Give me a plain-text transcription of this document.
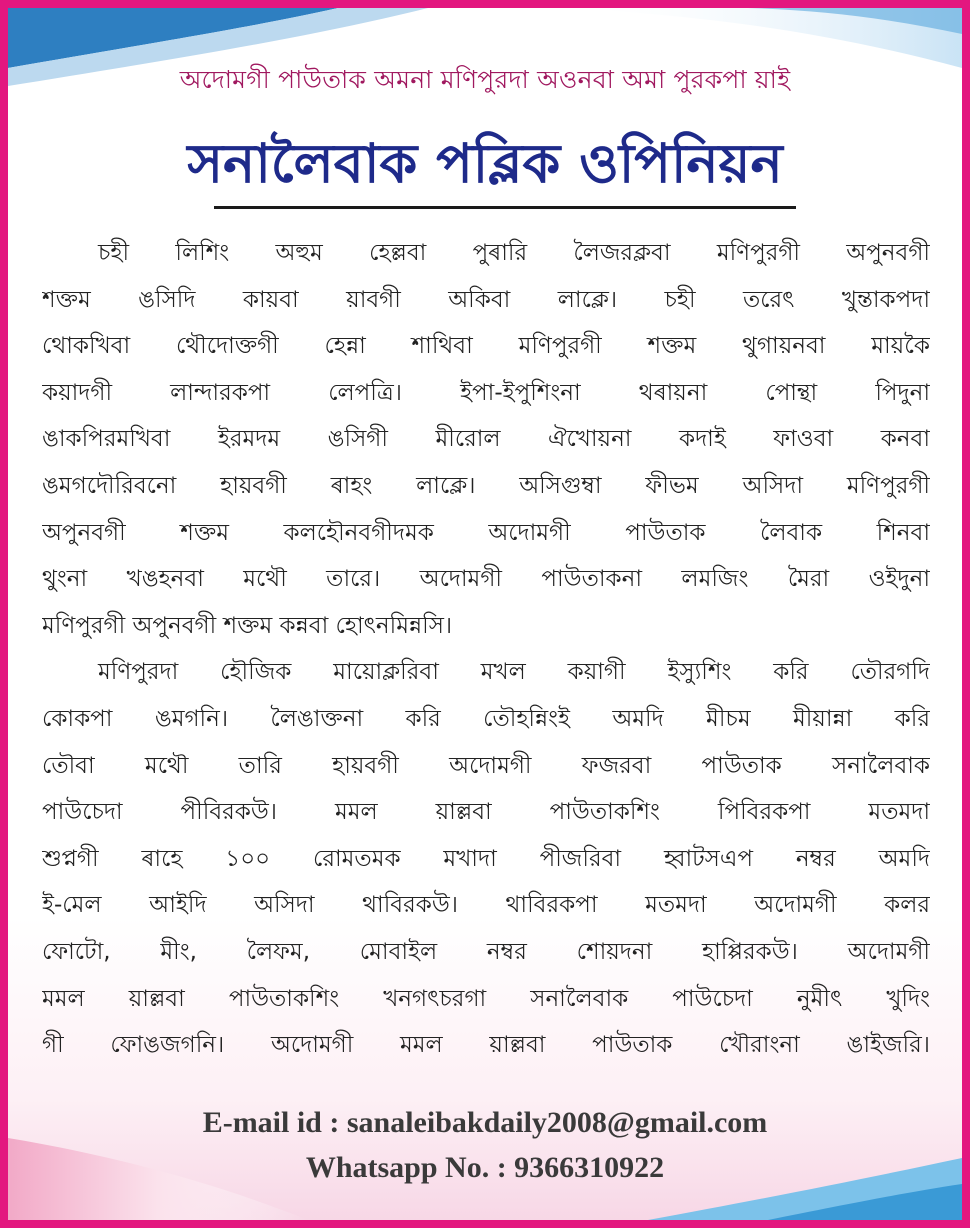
অদোমগী পাউতাক অমনা মণিপুরদা অওনবা অমা পুরকপা য়াই
সনালৈবাক পব্লিক ওপিনিয়ন

চহী লিশিং অহুম হেল্লবা পুৰারি লৈজরক্লবা মণিপুরগী অপুনবগী
শক্তম ঙসিদি কায়বা য়াবগী অকিবা লাক্লে। চহী তরেৎ খুন্তাকপদা
থোকখিবা থৌদোক্তগী হেন্না শাথিবা মণিপুরগী শক্তম থুগায়নবা মায়কৈ
কয়াদগী লান্দারকপা লেপত্রি। ইপা-ইপুশিংনা থৰায়না পোন্থা পিদুনা
ঙাকপিরমখিবা ইরমদম ঙসিগী মীরোল ঐখোয়না কদাই ফাওবা কনবা
ঙমগদৌরিবনো হায়বগী ৰাহং লাক্লে। অসিগুম্বা ফীভম অসিদা মণিপুরগী
অপুনবগী শক্তম কলহৌনবগীদমক অদোমগী পাউতাক লৈবাক শিনবা
থুংনা খঙহনবা মথৌ তারে। অদোমগী পাউতাকনা লমজিং মৈরা ওইদুনা
মণিপুরগী অপুনবগী শক্তম কন্নবা হোৎনমিন্নসি।

মণিপুরদা হৌজিক মায়োক্লরিবা মখল কয়াগী ইস্যুশিং করি তৌরগদি
কোকপা ঙমগনি। লৈঙাক্তনা করি তৌহন্নিংই অমদি মীচম মীয়ান্না করি
তৌবা মথৌ তারি হায়বগী অদোমগী ফজরবা পাউতাক সনালৈবাক
পাউচেদা পীবিরকউ। মমল য়াল্লবা পাউতাকশিং পিবিরকপা মতমদা
শুপ্নগী ৰাহে ১০০ রোমতমক মখাদা পীজরিবা হ্বাটসএপ নম্বর অমদি
ই-মেল আইদি অসিদা থাবিরকউ। থাবিরকপা মতমদা অদোমগী কলর
ফোটো, মীং, লৈফম, মোবাইল নম্বর শোয়দনা হাপ্পিরকউ। অদোমগী
মমল য়াল্লবা পাউতাকশিং খনগৎচরগা সনালৈবাক পাউচেদা নুমীৎ খুদিং
গী ফোঙজগনি। অদোমগী মমল য়াল্লবা পাউতাক খৌরাংনা ঙাইজরি।

E-mail id : sanaleibakdaily2008@gmail.com
Whatsapp No. : 9366310922
